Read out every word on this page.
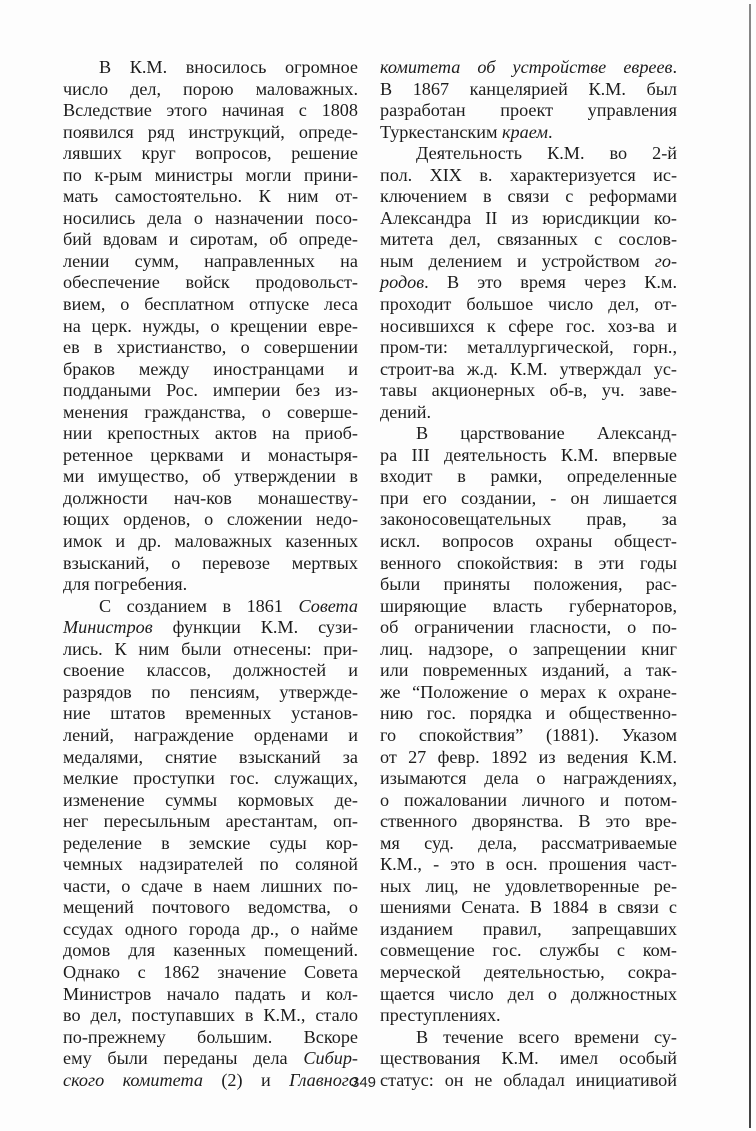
В К.М. вносилось огромное
число дел, порою маловажных.
Вследствие этого начиная с 1808
появился ряд инструкций, опреде-
лявших круг вопросов, решение
по к-рым министры могли прини-
мать самостоятельно. К ним от-
носились дела о назначении посо-
бий вдовам и сиротам, об опреде-
лении сумм, направленных на
обеспечение войск продовольст-
вием, о бесплатном отпуске леса
на церк. нужды, о крещении евре-
ев в христианство, о совершении
браков между иностранцами и
поддаными Рос. империи без из-
менения гражданства, о соверше-
нии крепостных актов на приоб-
ретенное церквами и монастыря-
ми имущество, об утверждении в
должности нач-ков монашеству-
ющих орденов, о сложении недо-
имок и др. маловажных казенных
взысканий, о перевозе мертвых
для погребения.
С созданием в 1861 Совета
Министров функции К.М. сузи-
лись. К ним были отнесены: при-
своение классов, должностей и
разрядов по пенсиям, утвержде-
ние штатов временных установ-
лений, награждение орденами и
медалями, снятие взысканий за
мелкие проступки гос. служащих,
изменение суммы кормовых де-
нег пересыльным арестантам, оп-
ределение в земские суды кор-
чемных надзирателей по соляной
части, о сдаче в наем лишних по-
мещений почтового ведомства, о
ссудах одного города др., о найме
домов для казенных помещений.
Однако с 1862 значение Совета
Министров начало падать и кол-
во дел, поступавших в К.М., стало
по-прежнему большим. Вскоре
ему были переданы дела Сибир-
ского комитета (2) и Главного
комитета об устройстве евреев.
В 1867 канцелярией К.М. был
разработан проект управления
Туркестанским краем.
Деятельность К.М. во 2-й
пол. XIX в. характеризуется ис-
ключением в связи с реформами
Александра II из юрисдикции ко-
митета дел, связанных с сослов-
ным делением и устройством го-
родов. В это время через К.м.
проходит большое число дел, от-
носившихся к сфере гос. хоз-ва и
пром-ти: металлургической, горн.,
строит-ва ж.д. К.М. утверждал ус-
тавы акционерных об-в, уч. заве-
дений.
В царствование Александ-
ра III деятельность К.М. впервые
входит в рамки, определенные
при его создании, - он лишается
законосовещательных прав, за
искл. вопросов охраны общест-
венного спокойствия: в эти годы
были приняты положения, рас-
ширяющие власть губернаторов,
об ограничении гласности, о по-
лиц. надзоре, о запрещении книг
или повременных изданий, а так-
же “Положение о мерах к охране-
нию гос. порядка и общественно-
го спокойствия” (1881). Указом
от 27 февр. 1892 из ведения К.М.
изымаются дела о награждениях,
о пожаловании личного и потом-
ственного дворянства. В это вре-
мя суд. дела, рассматриваемые
К.М., - это в осн. прошения част-
ных лиц, не удовлетворенные ре-
шениями Сената. В 1884 в связи с
изданием правил, запрещавших
совмещение гос. службы с ком-
мерческой деятельностью, сокра-
щается число дел о должностных
преступлениях.
В течение всего времени су-
ществования К.М. имел особый
статус: он не обладал инициативой
349
